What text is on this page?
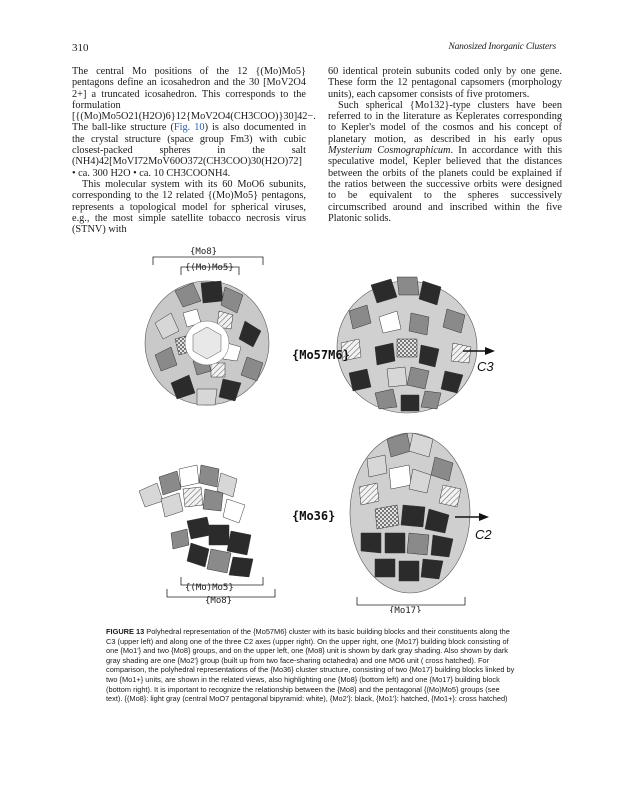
310	Nanosized Inorganic Clusters

The central Mo positions of the 12 {(Mo)Mo5} pentagons define an icosahedron and the 30 [MoV2O4 2+] a truncated icosahedron. This corresponds to the formulation [{(Mo)Mo5O21(H2O)6}12{MoV2O4(CH3COO)}30]42−. The ball-like structure (Fig. 10) is also documented in the crystal structure (space group Fm3) with cubic closest-packed spheres in the salt (NH4)42[MoVI72MoV60O372(CH3COO)30(H2O)72] • ca. 300 H2O • ca. 10 CH3COONH4.

This molecular system with its 60 MoO6 subunits, corresponding to the 12 related {(Mo)Mo5} pentagons, represents a topological model for spherical viruses, e.g., the most simple satellite tobacco necrosis virus (STNV) with

60 identical protein subunits coded only by one gene. These form the 12 pentagonal capsomers (morphology units), each capsomer consists of five protomers.

Such spherical {Mo132}-type clusters have been referred to in the literature as Keplerates corresponding to Kepler's model of the cosmos and his concept of planetary motion, as described in his early opus Mysterium Cosmographicum. In accordance with this speculative model, Kepler believed that the distances between the orbits of the planets could be explained if the ratios between the successive orbits were designed to be equivalent to the spheres successively circumscribed around and inscribed within the five Platonic solids.

{Mo8}
{(Mo)Mo5}
{Mo57M6}
C3
{Mo36}
{(Mo)Mo5}
{Mo8}
C2
{Mo17}
FIGURE 13 Polyhedral representation of the {Mo57M6} cluster with its basic building blocks and their constituents along the C3 (upper left) and along one of the three C2 axes (upper right). On the upper right, one {Mo17} building block consisting of one {Mo1'} and two {Mo8} groups, and on the upper left, one {Mo8} unit is shown by dark gray shading. Also shown by dark gray shading are one {Mo2'} group (built up from two face-sharing octahedra) and one MO6 unit ( cross hatched). For comparison, the polyhedral representations of the {Mo36} cluster structure, consisting of two {Mo17} building blocks linked by two {Mo1+} units, are shown in the related views, also highlighting one {Mo8} (bottom left) and one {Mo17} building block (bottom right). It is important to recognize the relationship between the {Mo8} and the pentagonal {(Mo)Mo5} groups (see text). {(Mo8}: light gray (central MoO7 pentagonal bipyramid: white), {Mo2'}: black, {Mo1'}: hatched, {Mo1+}: cross hatched)
